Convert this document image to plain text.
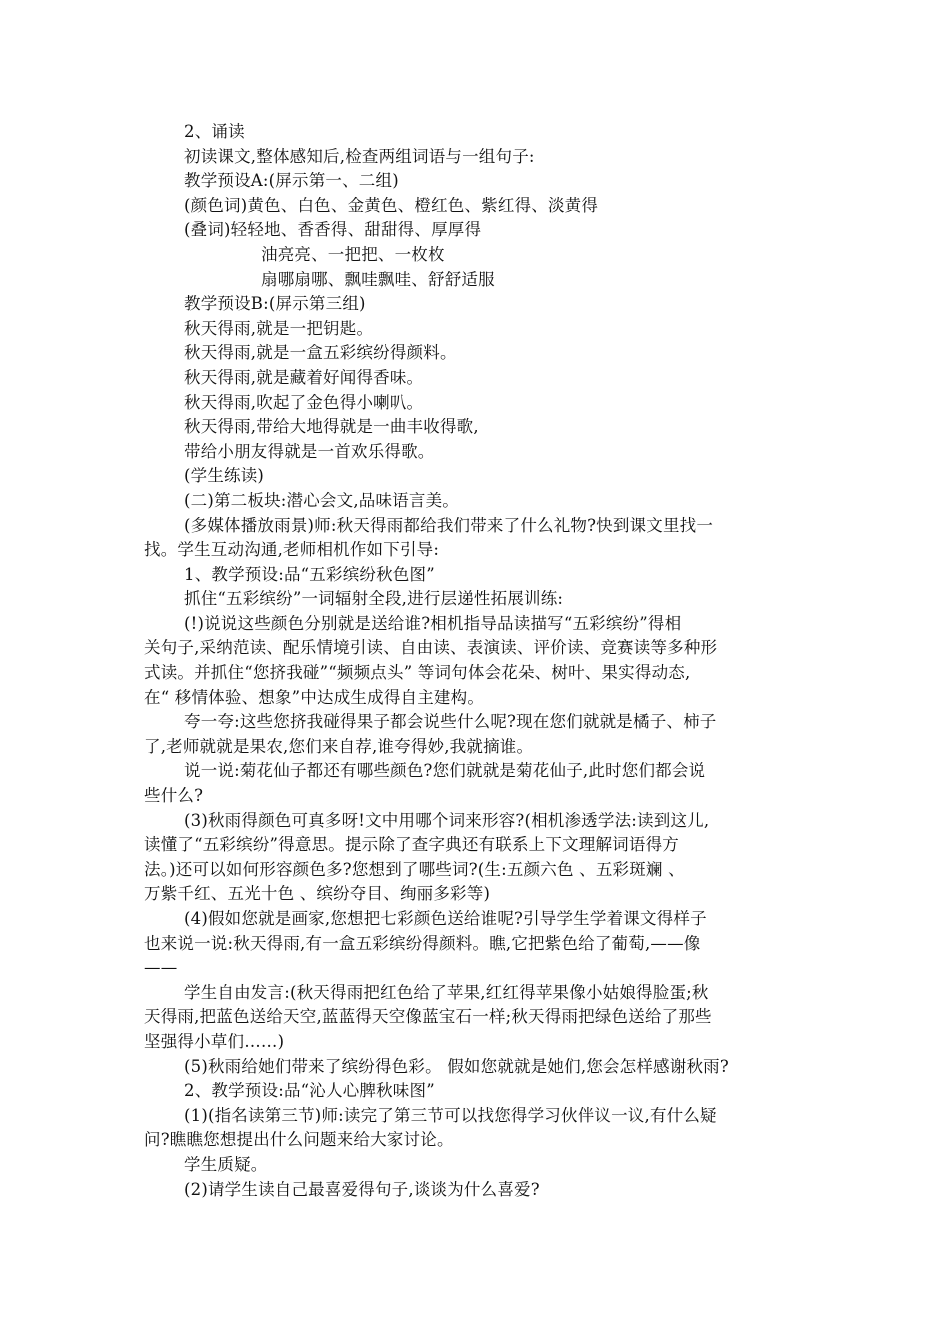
2、诵读
初读课文,整体感知后,检查两组词语与一组句子:
教学预设A:(屏示第一、二组)
(颜色词)黄色、白色、金黄色、橙红色、紫红得、淡黄得
(叠词)轻轻地、香香得、甜甜得、厚厚得
油亮亮、一把把、一枚枚
扇哪扇哪、飘哇飘哇、舒舒适服
教学预设B:(屏示第三组)
秋天得雨,就是一把钥匙。
秋天得雨,就是一盒五彩缤纷得颜料。
秋天得雨,就是藏着好闻得香味。
秋天得雨,吹起了金色得小喇叭。
秋天得雨,带给大地得就是一曲丰收得歌,
带给小朋友得就是一首欢乐得歌。
(学生练读)
(二)第二板块:潜心会文,品味语言美。
(多媒体播放雨景)师:秋天得雨都给我们带来了什么礼物?快到课文里找一
找。学生互动沟通,老师相机作如下引导:
1、教学预设:品“五彩缤纷秋色图”
抓住“五彩缤纷”一词辐射全段,进行层递性拓展训练:
(!)说说这些颜色分别就是送给谁?相机指导品读描写“五彩缤纷”得相
关句子,采纳范读、配乐情境引读、自由读、表演读、评价读、竞赛读等多种形
式读。并抓住“您挤我碰”“频频点头” 等词句体会花朵、树叶、果实得动态,
在“ 移情体验、想象”中达成生成得自主建构。
夸一夸:这些您挤我碰得果子都会说些什么呢?现在您们就就是橘子、柿子
了,老师就就是果农,您们来自荐,谁夸得妙,我就摘谁。
说一说:菊花仙子都还有哪些颜色?您们就就是菊花仙子,此时您们都会说
些什么?
(3)秋雨得颜色可真多呀!文中用哪个词来形容?(相机渗透学法:读到这儿,
读懂了“五彩缤纷”得意思。提示除了查字典还有联系上下文理解词语得方
法。)还可以如何形容颜色多?您想到了哪些词?(生:五颜六色 、五彩斑斓 、
万紫千红、五光十色 、缤纷夺目、绚丽多彩等)
(4)假如您就是画家,您想把七彩颜色送给谁呢?引导学生学着课文得样子
也来说一说:秋天得雨,有一盒五彩缤纷得颜料。瞧,它把紫色给了葡萄,——像
——
学生自由发言:(秋天得雨把红色给了苹果,红红得苹果像小姑娘得脸蛋;秋
天得雨,把蓝色送给天空,蓝蓝得天空像蓝宝石一样;秋天得雨把绿色送给了那些
坚强得小草们……)
(5)秋雨给她们带来了缤纷得色彩。 假如您就就是她们,您会怎样感谢秋雨?
2、教学预设:品“沁人心脾秋味图”
(1)(指名读第三节)师:读完了第三节可以找您得学习伙伴议一议,有什么疑
问?瞧瞧您想提出什么问题来给大家讨论。
学生质疑。
(2)请学生读自己最喜爱得句子,谈谈为什么喜爱?
